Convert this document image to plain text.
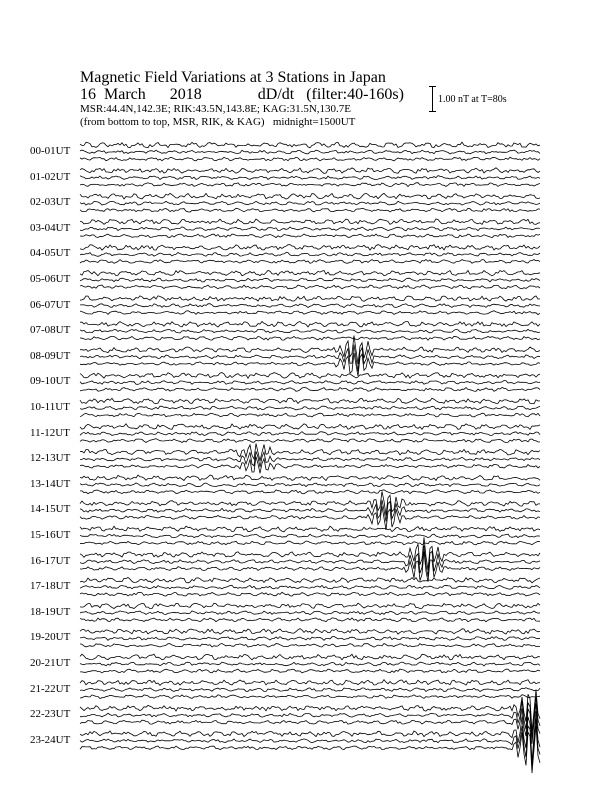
Magnetic Field Variations at 3 Stations in Japan
16 March 2018	dD/dt (filter:40-160s)
MSR:44.4N,142.3E; RIK:43.5N,143.8E; KAG:31.5N,130.7E
(from bottom to top, MSR, RIK, & KAG) midnight=1500UT
1.00 nT at T=80s
00-01UT
01-02UT
02-03UT
03-04UT
04-05UT
05-06UT
06-07UT
07-08UT
08-09UT
09-10UT
10-11UT
11-12UT
12-13UT
13-14UT
14-15UT
15-16UT
16-17UT
17-18UT
18-19UT
19-20UT
20-21UT
21-22UT
22-23UT
23-24UT
